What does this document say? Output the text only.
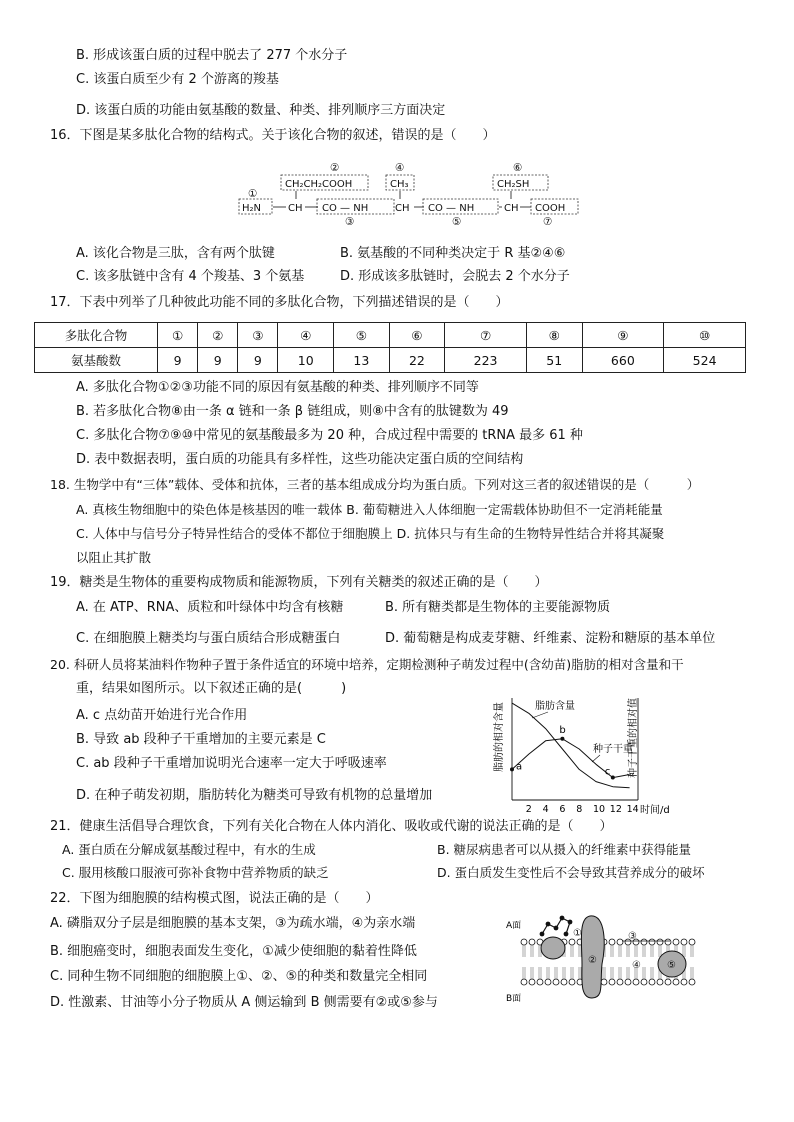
B. 形成该蛋白质的过程中脱去了 277 个水分子
C. 该蛋白质至少有 2 个游离的羧基
D. 该蛋白质的功能由氨基酸的数量、种类、排列顺序三方面决定
16．下图是某多肽化合物的结构式。关于该化合物的叙述，错误的是（　　）
②	④	⑥
①
③	⑤	⑦
CH₂CH₂COOH	CH₃	CH₂SH
H₂N	CH CO — NH	CH CO — NH	CH COOH
A. 该化合物是三肽，含有两个肽键	B. 氨基酸的不同种类决定于 R 基②④⑥
C. 该多肽链中含有 4 个羧基、3 个氨基	D. 形成该多肽链时，会脱去 2 个水分子
17．下表中列举了几种彼此功能不同的多肽化合物，下列描述错误的是（　　）
多肽化合物	①	②	③	④	⑤	⑥	⑦	⑧	⑨	⑩
氨基酸数	9	9	9	10	13	22	223	51	660	524
A. 多肽化合物①②③功能不同的原因有氨基酸的种类、排列顺序不同等
B. 若多肽化合物⑧由一条 α 链和一条 β 链组成，则⑧中含有的肽键数为 49
C. 多肽化合物⑦⑨⑩中常见的氨基酸最多为 20 种，合成过程中需要的 tRNA 最多 61 种
D. 表中数据表明，蛋白质的功能具有多样性，这些功能决定蛋白质的空间结构
18. 生物学中有“三体”载体、受体和抗体，三者的基本组成成分均为蛋白质。下列对这三者的叙述错误的是（　　　）
A. 真核生物细胞中的染色体是核基因的唯一载体 B. 葡萄糖进入人体细胞一定需载体协助但不一定消耗能量
C. 人体中与信号分子特异性结合的受体不都位于细胞膜上 D. 抗体只与有生命的生物特异性结合并将其凝聚
以阻止其扩散
19．糖类是生物体的重要构成物质和能源物质，下列有关糖类的叙述正确的是（　　）
A. 在 ATP、RNA、质粒和叶绿体中均含有核糖	B. 所有糖类都是生物体的主要能源物质
C. 在细胞膜上糖类均与蛋白质结合形成糖蛋白	D. 葡萄糖是构成麦芽糖、纤维素、淀粉和糖原的基本单位
20. 科研人员将某油料作物种子置于条件适宜的环境中培养，定期检测种子萌发过程中(含幼苗)脂肪的相对含量和干
重，结果如图所示。以下叙述正确的是(　　　)
A. c 点幼苗开始进行光合作用
B. 导致 ab 段种子干重增加的主要元素是 C
C. ab 段种子干重增加说明光合速率一定大于呼吸速率
D. 在种子萌发初期，脂肪转化为糖类可导致有机物的总量增加
脂肪的相对含量	种子干重的相对值
2 4 6 8 10 12 14 时间/d
脂肪含量
种子干重
a
b
c
21．健康生活倡导合理饮食，下列有关化合物在人体内消化、吸收或代谢的说法正确的是（　　）
A. 蛋白质在分解成氨基酸过程中，有水的生成	B. 糖尿病患者可以从摄入的纤维素中获得能量
C. 服用核酸口服液可弥补食物中营养物质的缺乏	D. 蛋白质发生变性后不会导致其营养成分的破坏
22．下图为细胞膜的结构模式图，说法正确的是（　　）
A. 磷脂双分子层是细胞膜的基本支架，③为疏水端，④为亲水端
B. 细胞癌变时，细胞表面发生变化，①减少使细胞的黏着性降低
C. 同种生物不同细胞的细胞膜上①、②、⑤的种类和数量完全相同
D. 性激素、甘油等小分子物质从 A 侧运输到 B 侧需要有②或⑤参与
A面
B面
①
②
③
④	⑤
